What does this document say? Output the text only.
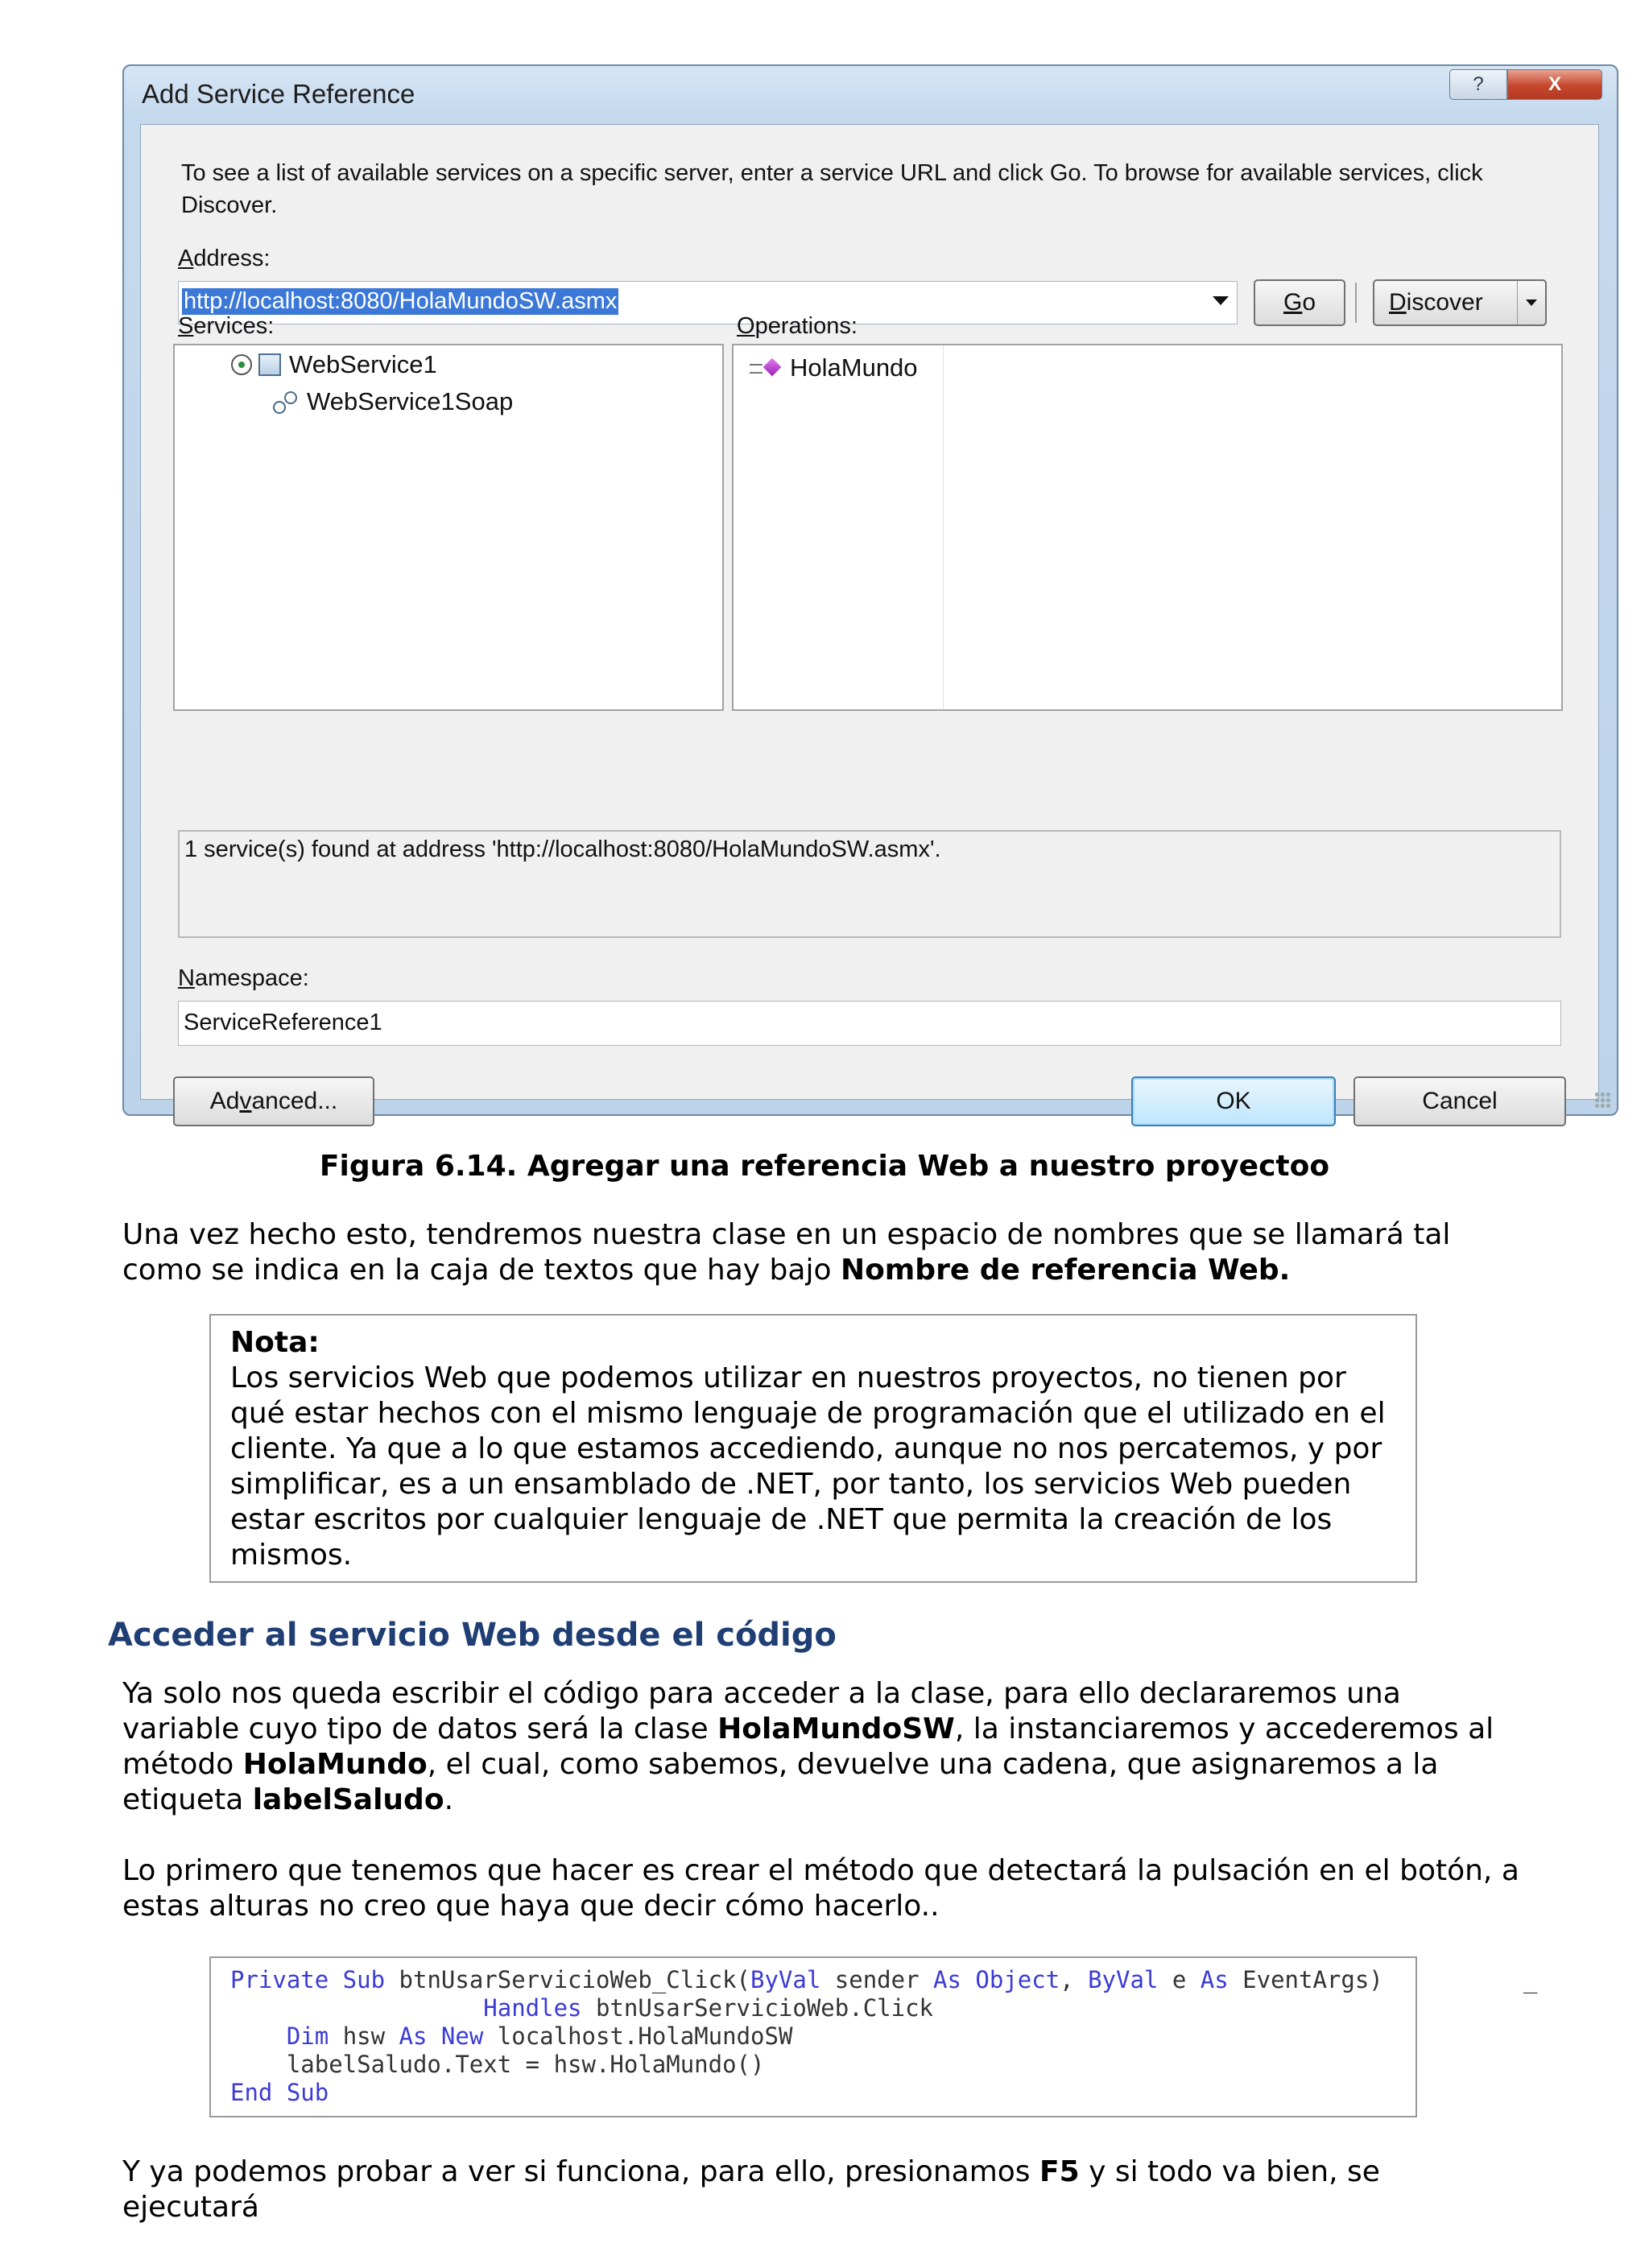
Add Service Reference	?	X
To see a list of available services on a specific server, enter a service URL and click Go. To browse for available services, click Discover.
Address:
http://localhost:8080/HolaMundoSW.asmx	G o	D iscover
Services:	Operations:
WebService1
WebService1Soap
HolaMundo
1 service(s) found at address 'http://localhost:8080/HolaMundoSW.asmx'.
Namespace:
ServiceReference1
Ad v anced...	OK	Cancel
Figura 6.14. Agregar una referencia Web a nuestro proyectoo
Una vez hecho esto, tendremos nuestra clase en un espacio de nombres que se llamará tal como se indica en la caja de textos que hay bajo Nombre de referencia Web.
Nota:
Los servicios Web que podemos utilizar en nuestros proyectos, no tienen por qué estar hechos con el mismo lenguaje de programación que el utilizado en el cliente. Ya que a lo que estamos accediendo, aunque no nos percatemos, y por simplificar, es a un ensamblado de .NET, por tanto, los servicios Web pueden estar escritos por cualquier lenguaje de .NET que permita la creación de los mismos.
Acceder al servicio Web desde el código
Ya solo nos queda escribir el código para acceder a la clase, para ello declararemos una variable cuyo tipo de datos será la clase HolaMundoSW, la instanciaremos y accederemos al método HolaMundo, el cual, como sabemos, devuelve una cadena, que asignaremos a la etiqueta labelSaludo.
Lo primero que tenemos que hacer es crear el método que detectará la pulsación en el botón, a estas alturas no creo que haya que decir cómo hacerlo..
Private Sub btnUsarServicioWeb_Click(ByVal sender As Object, ByVal e As EventArgs)
Handles btnUsarServicioWeb.Click
Dim hsw As New localhost.HolaMundoSW
labelSaludo.Text = hsw.HolaMundo()
End Sub
_
Y ya podemos probar a ver si funciona, para ello, presionamos F5 y si todo va bien, se ejecutará
